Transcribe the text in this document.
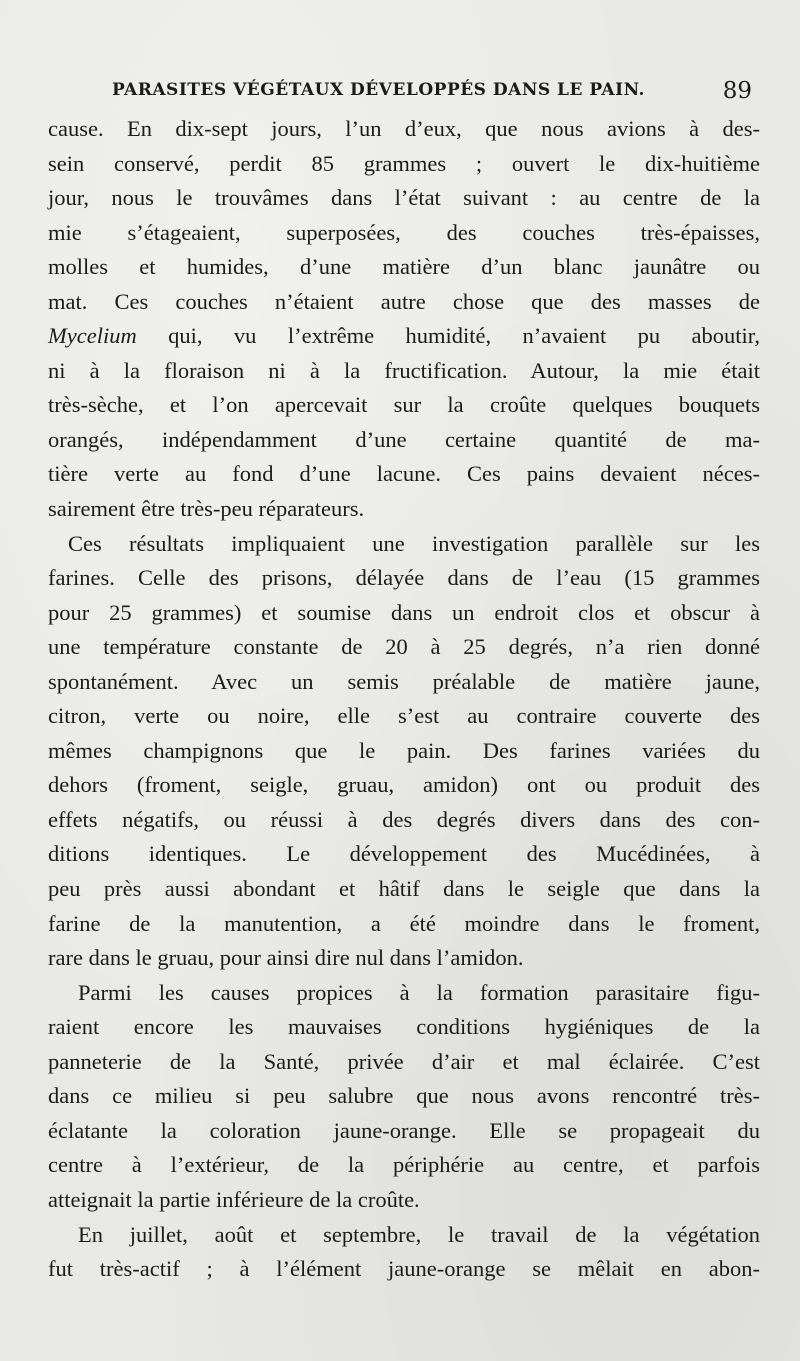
PARASITES VÉGÉTAUX DÉVELOPPÉS DANS LE PAIN.	89
cause. En dix-sept jours, l’un d’eux, que nous avions à des-
sein conservé, perdit 85 grammes ; ouvert le dix-huitième
jour, nous le trouvâmes dans l’état suivant : au centre de la
mie s’étageaient, superposées, des couches très-épaisses,
molles et humides, d’une matière d’un blanc jaunâtre ou
mat. Ces couches n’étaient autre chose que des masses de
Mycelium qui, vu l’extrême humidité, n’avaient pu aboutir,
ni à la floraison ni à la fructification. Autour, la mie était
très-sèche, et l’on apercevait sur la croûte quelques bouquets
orangés, indépendamment d’une certaine quantité de ma-
tière verte au fond d’une lacune. Ces pains devaient néces-
sairement être très-peu réparateurs.
Ces résultats impliquaient une investigation parallèle sur les
farines. Celle des prisons, délayée dans de l’eau (15 grammes
pour 25 grammes) et soumise dans un endroit clos et obscur à
une température constante de 20 à 25 degrés, n’a rien donné
spontanément. Avec un semis préalable de matière jaune,
citron, verte ou noire, elle s’est au contraire couverte des
mêmes champignons que le pain. Des farines variées du
dehors (froment, seigle, gruau, amidon) ont ou produit des
effets négatifs, ou réussi à des degrés divers dans des con-
ditions identiques. Le développement des Mucédinées, à
peu près aussi abondant et hâtif dans le seigle que dans la
farine de la manutention, a été moindre dans le froment,
rare dans le gruau, pour ainsi dire nul dans l’amidon.
Parmi les causes propices à la formation parasitaire figu-
raient encore les mauvaises conditions hygiéniques de la
panneterie de la Santé, privée d’air et mal éclairée. C’est
dans ce milieu si peu salubre que nous avons rencontré très-
éclatante la coloration jaune-orange. Elle se propageait du
centre à l’extérieur, de la périphérie au centre, et parfois
atteignait la partie inférieure de la croûte.
En juillet, août et septembre, le travail de la végétation
fut très-actif ; à l’élément jaune-orange se mêlait en abon-
